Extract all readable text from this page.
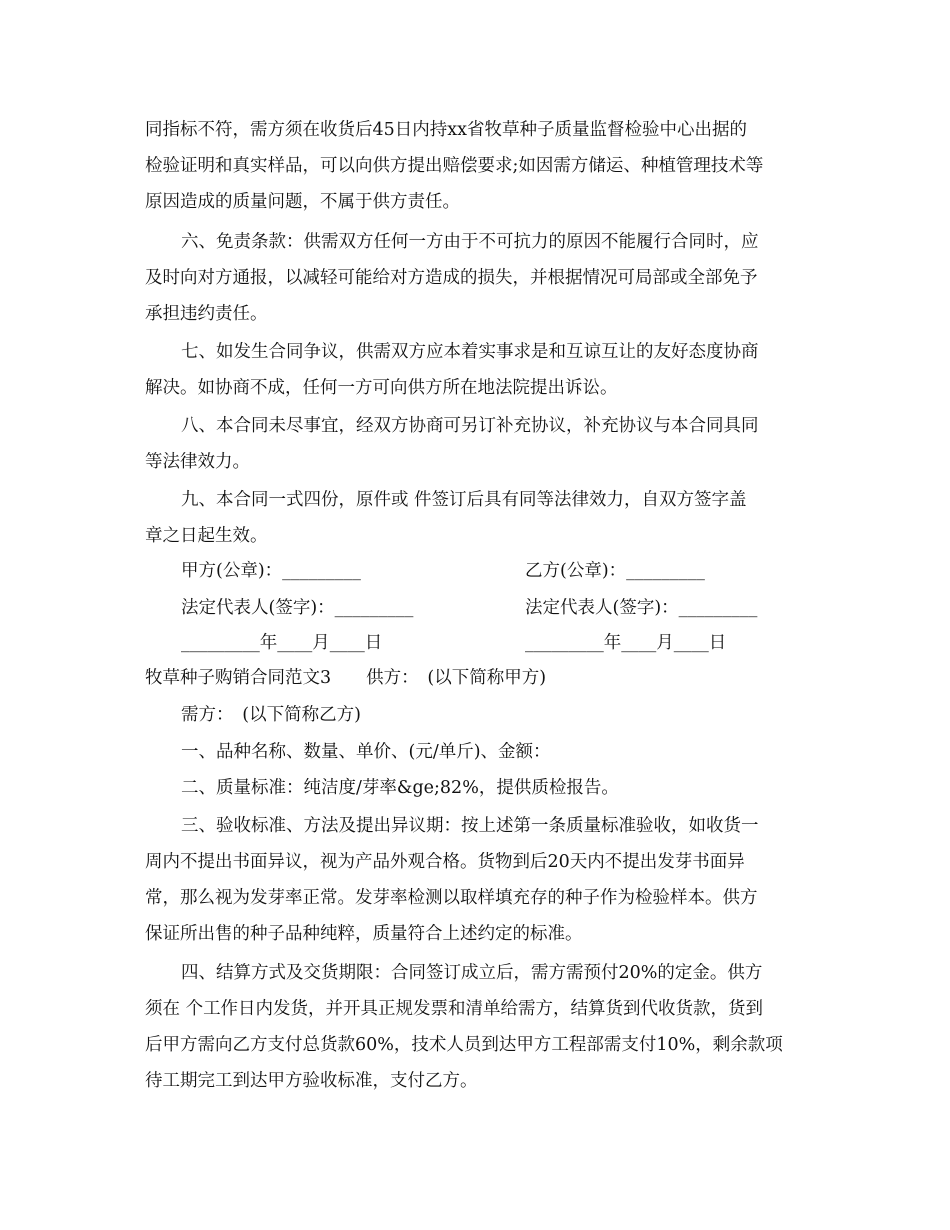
同指标不符，需方须在收货后45日内持xx省牧草种子质量监督检验中心出据的
检验证明和真实样品，可以向供方提出赔偿要求;如因需方储运、种植管理技术等
原因造成的质量问题，不属于供方责任。
六、免责条款：供需双方任何一方由于不可抗力的原因不能履行合同时，应
及时向对方通报，以减轻可能给对方造成的损失，并根据情况可局部或全部免予
承担违约责任。
七、如发生合同争议，供需双方应本着实事求是和互谅互让的友好态度协商
解决。如协商不成，任何一方可向供方所在地法院提出诉讼。
八、本合同未尽事宜，经双方协商可另订补充协议，补充协议与本合同具同
等法律效力。
九、本合同一式四份，原件或 件签订后具有同等法律效力，自双方签字盖
章之日起生效。
甲方(公章)：_________	乙方(公章)：_________
法定代表人(签字)：_________	法定代表人(签字)：_________
_________年____月____日	_________年____月____日
牧草种子购销合同范文3　　供方：　(以下简称甲方)
需方：　(以下简称乙方)
一、品种名称、数量、单价、(元/单斤)、金额：
二、质量标准：纯洁度/芽率&ge;82%，提供质检报告。
三、验收标准、方法及提出异议期：按上述第一条质量标准验收，如收货一
周内不提出书面异议，视为产品外观合格。货物到后20天内不提出发芽书面异
常，那么视为发芽率正常。发芽率检测以取样填充存的种子作为检验样本。供方
保证所出售的种子品种纯粹，质量符合上述约定的标准。
四、结算方式及交货期限：合同签订成立后，需方需预付20%的定金。供方
须在 个工作日内发货，并开具正规发票和清单给需方，结算货到代收货款，货到
后甲方需向乙方支付总货款60%，技术人员到达甲方工程部需支付10%，剩余款项
待工期完工到达甲方验收标准，支付乙方。
